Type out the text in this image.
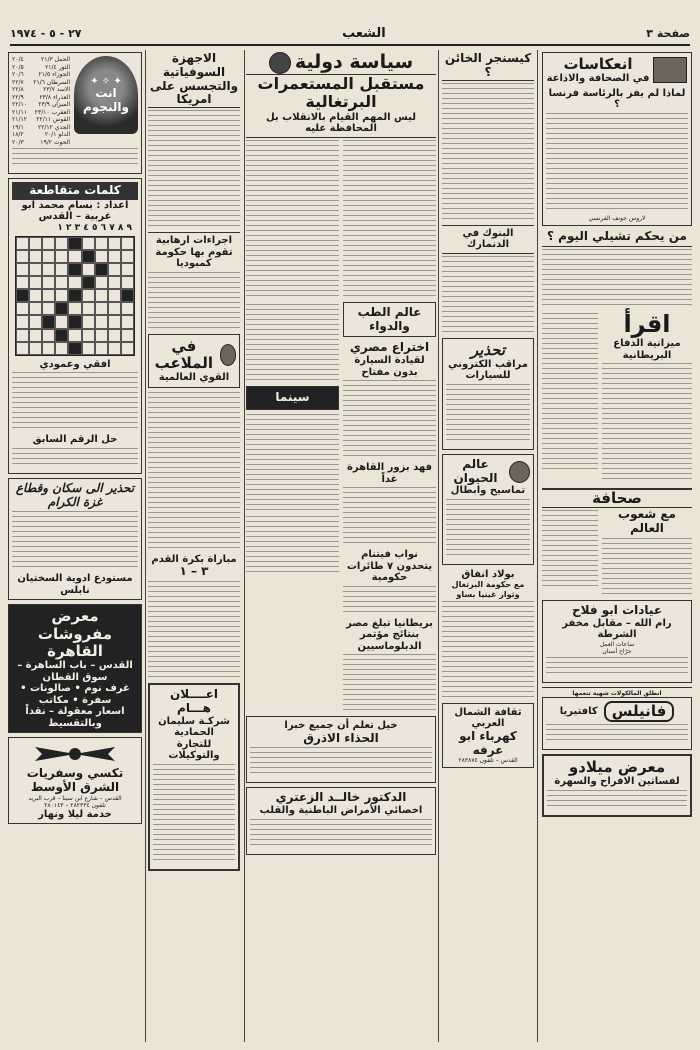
صفحة ٣
الشعب
٢٧ - ٥ - ١٩٧٤
انعكاسات
في الصحافة والاذاعة
لماذا لم يفز بالرئاسة فرنسا ؟
لاروس جونف الفرنسي
من يحكم تشيلي اليوم ؟
اقرأ
ميزانية الدفاع البريطانية
صحافة
مع شعوب العالم
عيادات ابو فلاح
رام الله – مقابل مخفر الشرطة
ساعات العمل
جرّاح أسنان
انطلق المالكولات شهية تنعمها
فانيلس
كافتيريا
معرض ميلادو
لفساتين الافراح والسهرة
كيسنجر الخائن ؟
البنوك في الدنمارك
تحذير
مراقب الكتروني للسيارات
عالم الحيوان
تماسيح وابطال
بولاد انفاق
مع حكومة البرتغال وثوار غينيا بساو
ثقافة الشمال العربي
كهرباء ابو عرفه
القدس – تلفون ٢٨٣٨٧٤
سياسة دولية
مستقبل المستعمرات البرتغالية
ليس المهم القيام بالانقلاب بل المحافظة عليه
عالم الطب والدواء
اختراع مصري
لقيادة السيارة بدون مفتاح
فهد بزور القاهرة غداً
نواب فيتنام يتحدون ٧ طائرات حكومية
بريطانيا تبلغ مصر بنتائج مؤتمر الدبلوماسيين
سينما
خيل تعلم أن جميع خبرا
الحذاء الاذرق
الدكتور خالــد الزعتري
اخصائي الأمراض الباطنية والقلب
الاجهزة السوفياتية
والتجسس على امريكا
اجراءات ارهابية تقوم بها حكومة كمبوديا
في الملاعب
القوي العالمية
مباراة بكرة القدم
٣ – ١
اعــــلان هـــام
شركـة سليمان الحمادية
للتجارة والتوكيلات
✦ ✧ ✦
انت والنجوم
الحمل ٢١/٣
٢٠/٤
الثور ٢١/٤
٢٠/٥
الجوزاء ٢١/٥
٢٠/٦
السرطان ٢١/٦
٢٢/٧
الاسد ٢٣/٧
٢٢/٨
العذراء ٢٣/٨
٢٢/٩
الميزان ٢٣/٩
٢٢/١٠
العقرب ٢٣/١٠
٢١/١١
القوس ٢٢/١١
٢١/١٢
الجدي ٢٢/١٢
١٩/١
الدلو ٢٠/١
١٨/٢
الحوت ١٩/٢
٢٠/٣
كلمات متقاطعة
اعداد : بسام محمد ابو غربية – القدس
٩ ٨ ٧ ٦ ٥ ٤ ٣ ٢ ١
افقي وعمودي
حل الرقم السابق
تحذير الى سكان وقطاع غزة الكرام
مستودع ادوية السختيان
نابلس
معرض مفروشات القاهرة
القدس – باب الساهرة – سوق القطان
غرف نوم • صالونات • سفرة • مكاتب
اسعار معقولة – نقداً وبالتقسيط
تكسي وسفريات الشرق الأوسط
القدس – شارع ابن سينا – قرب البريد
تلفون ٢٨٢٣٣٤ – ٢٨٠١٤٣
خدمة ليلا ونهار
